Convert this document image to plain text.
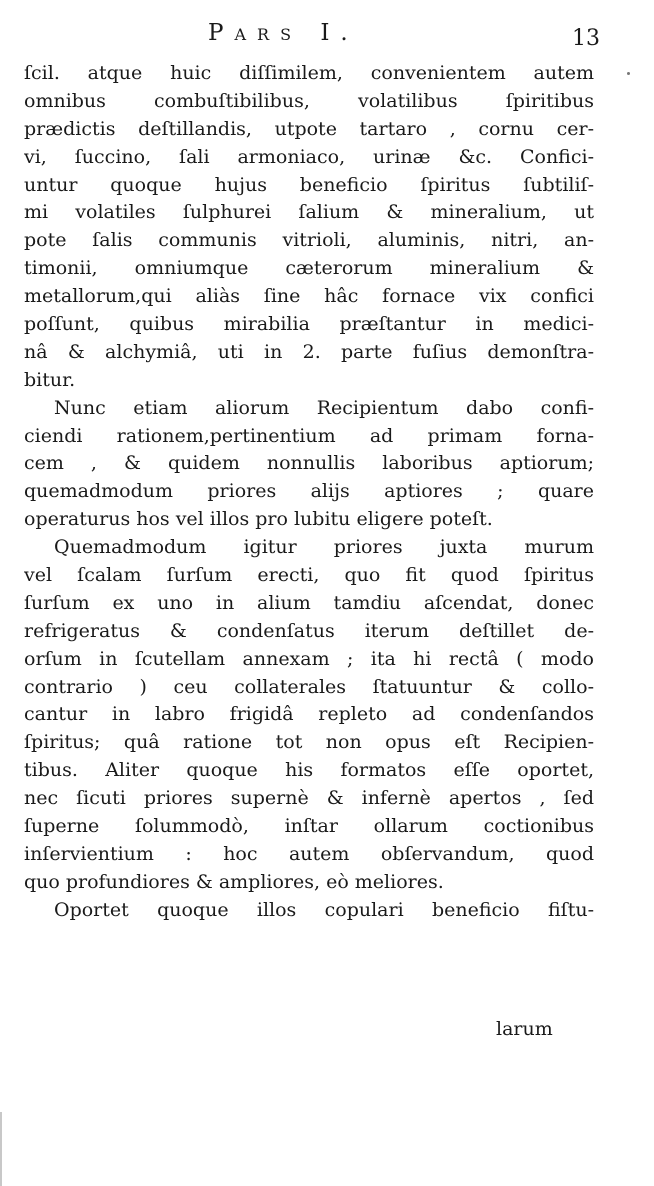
Pars I.	13
ſcil. atque huic diſſimilem, convenientem autem
omnibus combuſtibilibus, volatilibus ſpiritibus
prædictis deſtillandis, utpote tartaro , cornu cer-
vi, ſuccino, ſali armoniaco, urinæ &c. Confici-
untur quoque hujus beneficio ſpiritus ſubtiliſ-
mi volatiles ſulphurei ſalium & mineralium, ut
pote ſalis communis vitrioli, aluminis, nitri, an-
timonii, omniumque cæterorum mineralium &
metallorum,qui aliàs ſine hâc fornace vix confici
poſſunt, quibus mirabilia præſtantur in medici-
nâ & alchymiâ, uti in 2. parte fuſius demonſtra-
bitur.
Nunc etiam aliorum Recipientum dabo confi-
ciendi rationem,pertinentium ad primam forna-
cem , & quidem nonnullis laboribus aptiorum;
quemadmodum priores alijs aptiores ; quare
operaturus hos vel illos pro lubitu eligere poteſt.
Quemadmodum igitur priores juxta murum
vel ſcalam ſurſum erecti, quo fit quod ſpiritus
ſurſum ex uno in alium tamdiu aſcendat, donec
refrigeratus & condenſatus iterum deſtillet de-
orſum in ſcutellam annexam ; ita hi rectâ ( modo
contrario ) ceu collaterales ſtatuuntur & collo-
cantur in labro frigidâ repleto ad condenſandos
ſpiritus; quâ ratione tot non opus eſt Recipien-
tibus. Aliter quoque his formatos eſſe oportet,
nec ſicuti priores supernè & infernè apertos , ſed
ſuperne ſolummodò, inſtar ollarum coctionibus
inſervientium : hoc autem obſervandum, quod
quo profundiores & ampliores, eò meliores.
Oportet quoque illos copulari beneficio fiſtu-
larum
